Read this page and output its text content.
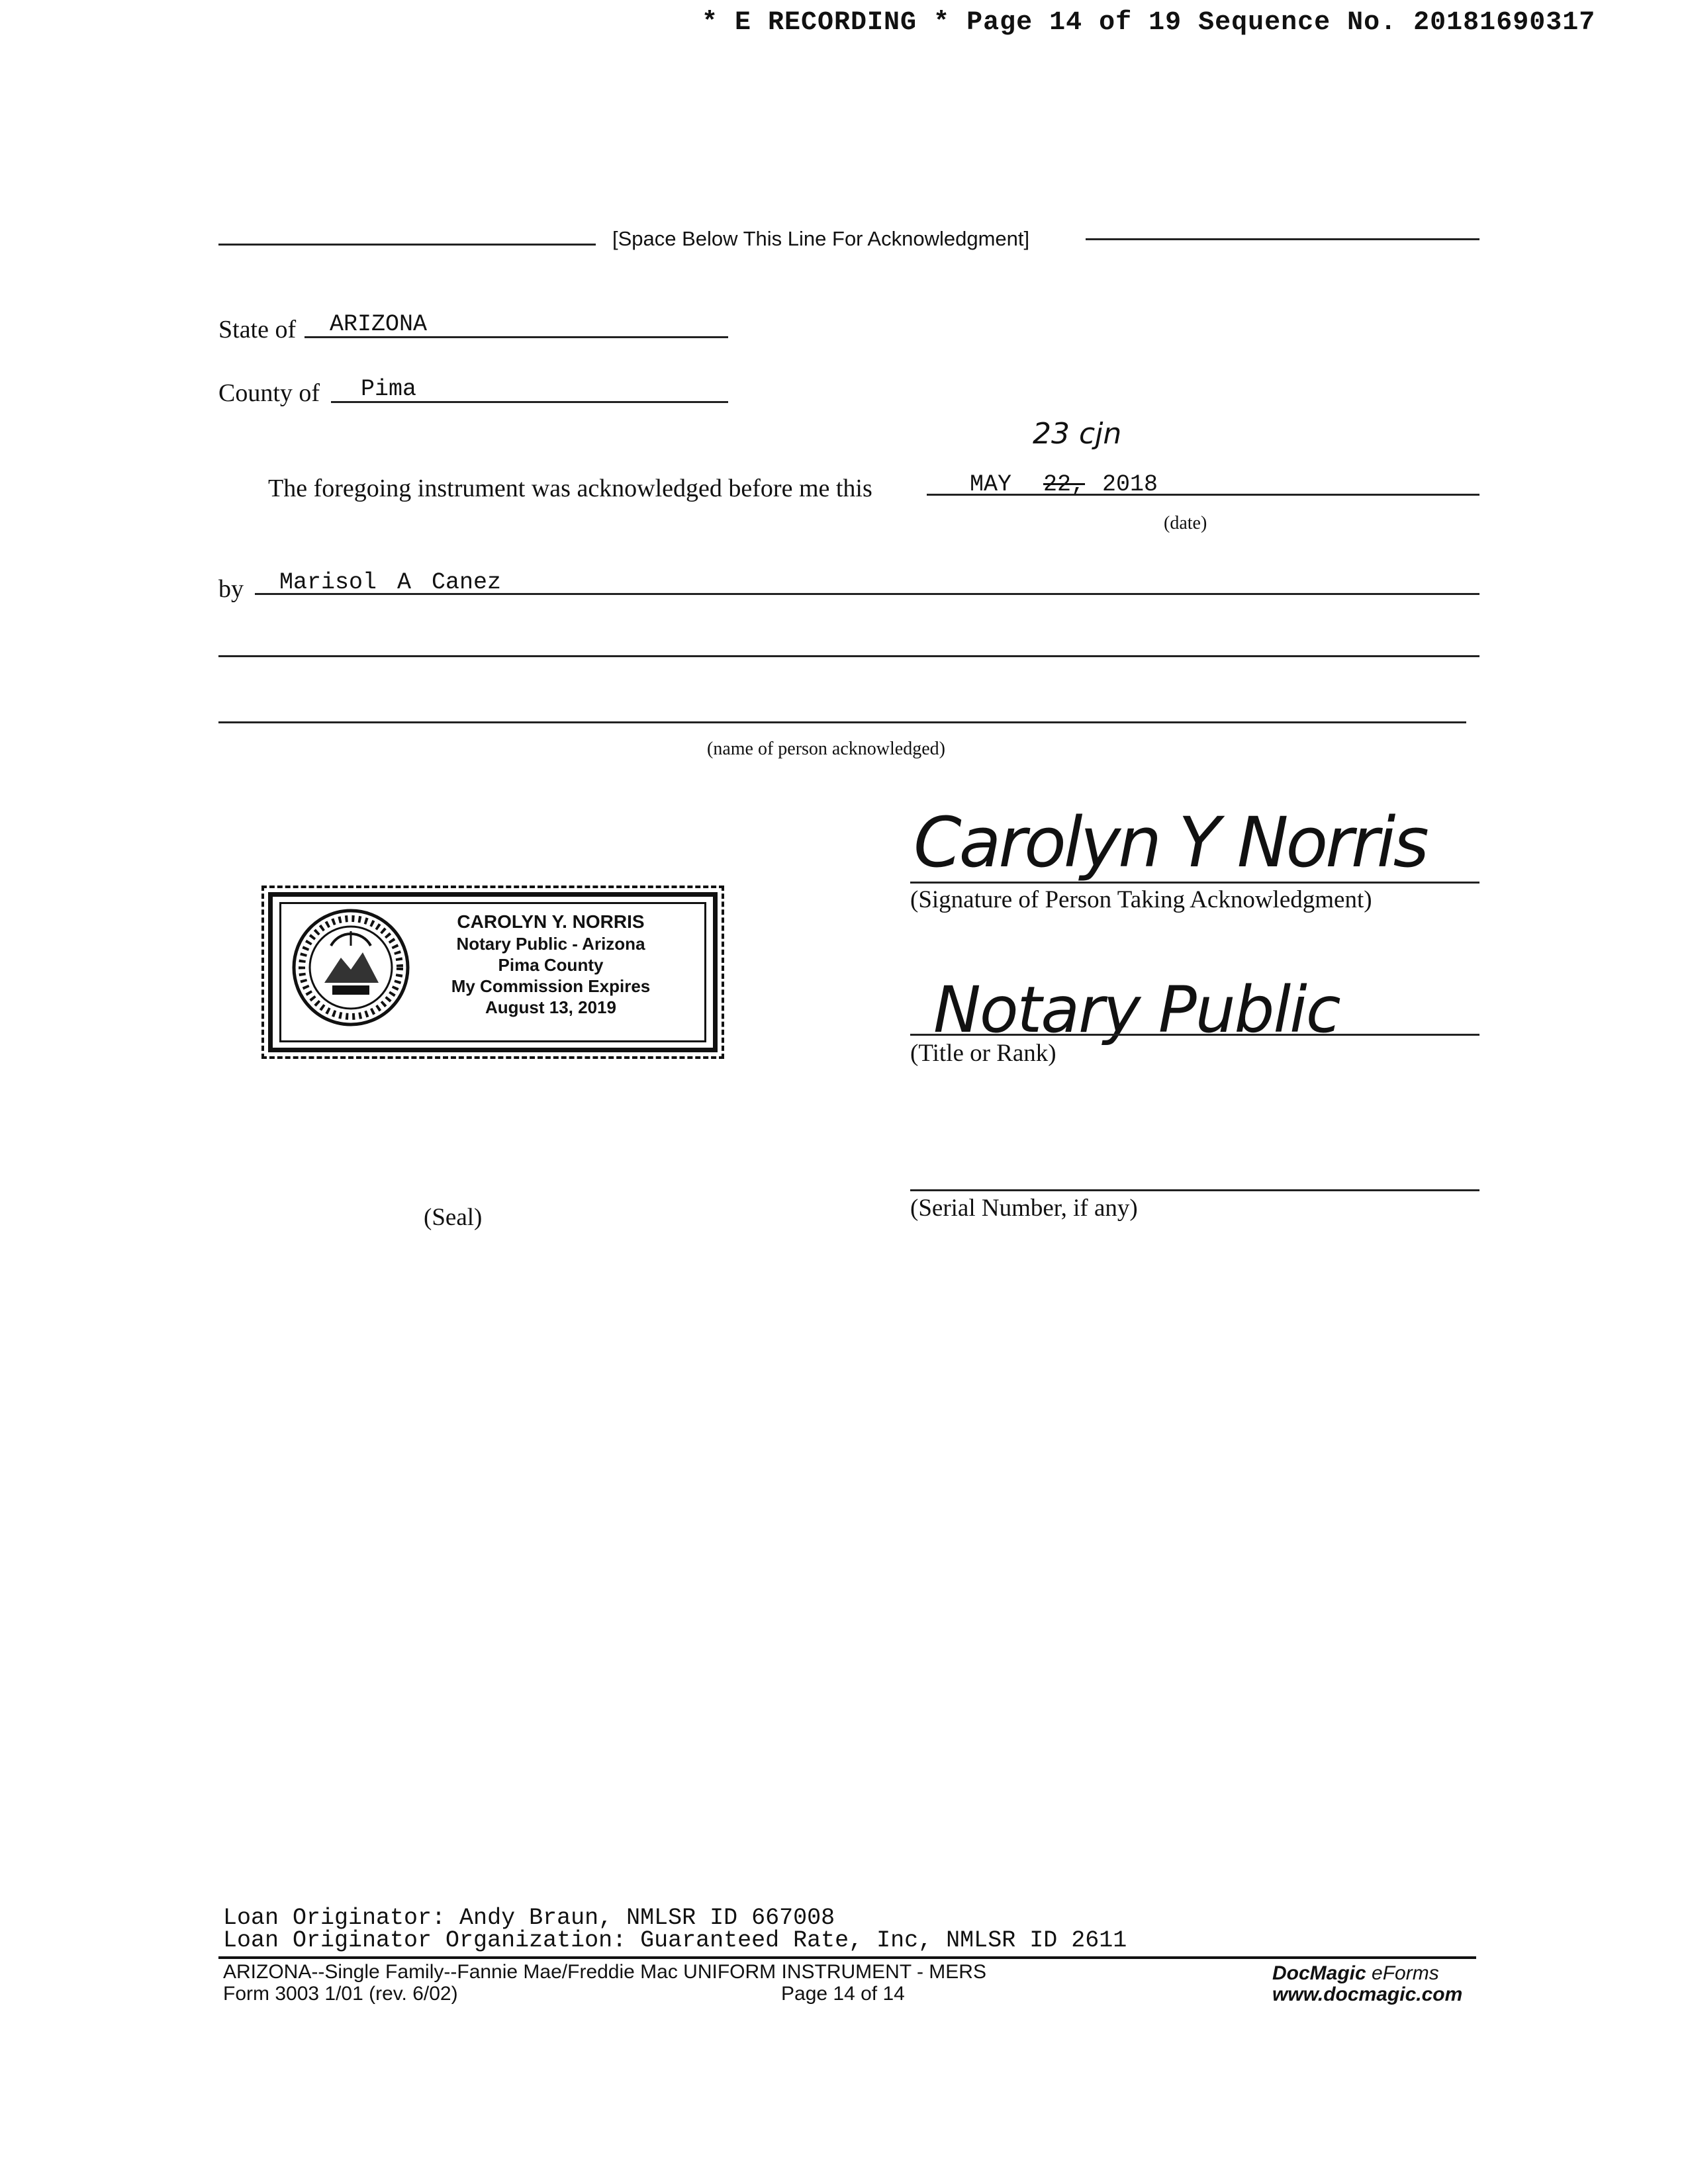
* E RECORDING * Page 14 of 19 Sequence No. 20181690317
[Space Below This Line For Acknowledgment]
State of ARIZONA
County of Pima
23 cjn
The foregoing instrument was acknowledged before me this	MAY 22, 2018
(date)
by Marisol A Canez
(name of person acknowledged)
CAROLYN Y. NORRIS
Notary Public - Arizona
Pima County
My Commission Expires
August 13, 2019
Carolyn Y Norris
(Signature of Person Taking Acknowledgment)
Notary Public
(Title or Rank)
(Serial Number, if any)
(Seal)
Loan Originator: Andy Braun, NMLSR ID 667008
Loan Originator Organization: Guaranteed Rate, Inc, NMLSR ID 2611
ARIZONA--Single Family--Fannie Mae/Freddie Mac UNIFORM INSTRUMENT - MERS
Form 3003 1/01 (rev. 6/02)	Page 14 of 14
DocMagic eForms
www.docmagic.com
